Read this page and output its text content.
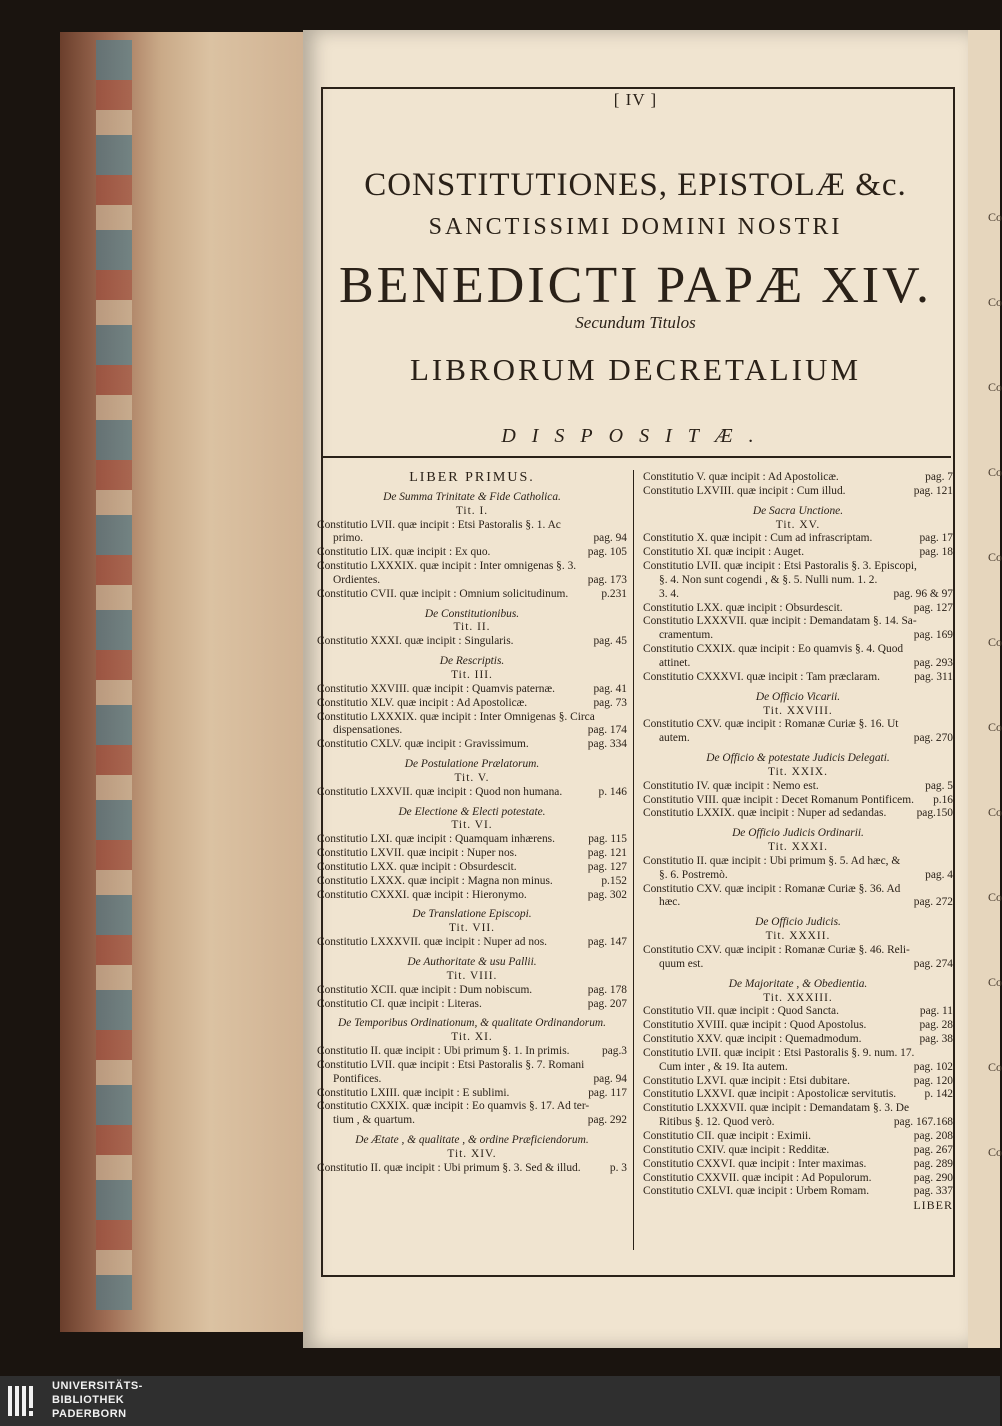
[ IV ]
CONSTITUTIONES, EPISTOLÆ &c.
SANCTISSIMI DOMINI NOSTRI
BENEDICTI PAPÆ XIV.
Secundum Titulos
LIBRORUM DECRETALIUM
DISPOSITÆ.
LIBER PRIMUS.
De Summa Trinitate & Fide Catholica.
Tit. I.
Constitutio LVII. quæ incipit : Etsi Pastoralis §. 1. Ac
primo.	pag. 94
Constitutio LIX. quæ incipit : Ex quo.	pag. 105
Constitutio LXXXIX. quæ incipit : Inter omnigenas §. 3.
Ordientes.	pag. 173
Constitutio CVII. quæ incipit : Omnium solicitudinum.	p.231
De Constitutionibus.
Tit. II.
Constitutio XXXI. quæ incipit : Singularis.	pag. 45
De Rescriptis.
Tit. III.
Constitutio XXVIII. quæ incipit : Quamvis paternæ.	pag. 41
Constitutio XLV. quæ incipit : Ad Apostolicæ.	pag. 73
Constitutio LXXXIX. quæ incipit : Inter Omnigenas §. Circa
dispensationes.	pag. 174
Constitutio CXLV. quæ incipit : Gravissimum.	pag. 334
De Postulatione Prælatorum.
Tit. V.
Constitutio LXXVII. quæ incipit : Quod non humana.	p. 146
De Electione & Electi potestate.
Tit. VI.
Constitutio LXI. quæ incipit : Quamquam inhærens.	pag. 115
Constitutio LXVII. quæ incipit : Nuper nos.	pag. 121
Constitutio LXX. quæ incipit : Obsurdescit.	pag. 127
Constitutio LXXX. quæ incipit : Magna non minus.	p.152
Constitutio CXXXI. quæ incipit : Hieronymo.	pag. 302
De Translatione Episcopi.
Tit. VII.
Constitutio LXXXVII. quæ incipit : Nuper ad nos.	pag. 147
De Authoritate & usu Pallii.
Tit. VIII.
Constitutio XCII. quæ incipit : Dum nobiscum.	pag. 178
Constitutio CI. quæ incipit : Literas.	pag. 207
De Temporibus Ordinationum, & qualitate Ordinandorum.
Tit. XI.
Constitutio II. quæ incipit : Ubi primum §. 1. In primis.	pag.3
Constitutio LVII. quæ incipit : Etsi Pastoralis §. 7. Romani
Pontifices.	pag. 94
Constitutio LXIII. quæ incipit : E sublimi.	pag. 117
Constitutio CXXIX. quæ incipit : Eo quamvis §. 17. Ad ter-
tium , & quartum.	pag. 292
De Ætate , & qualitate , & ordine Præficiendorum.
Tit. XIV.
Constitutio II. quæ incipit : Ubi primum §. 3. Sed & illud.	p. 3
Constitutio V. quæ incipit : Ad Apostolicæ.	pag. 7
Constitutio LXVIII. quæ incipit : Cum illud.	pag. 121
De Sacra Unctione.
Tit. XV.
Constitutio X. quæ incipit : Cum ad infrascriptam.	pag. 17
Constitutio XI. quæ incipit : Auget.	pag. 18
Constitutio LVII. quæ incipit : Etsi Pastoralis §. 3. Episcopi,
§. 4. Non sunt cogendi , & §. 5. Nulli num. 1. 2.
3. 4.	pag. 96 & 97
Constitutio LXX. quæ incipit : Obsurdescit.	pag. 127
Constitutio LXXXVII. quæ incipit : Demandatam §. 14. Sa-
cramentum.	pag. 169
Constitutio CXXIX. quæ incipit : Eo quamvis §. 4. Quod
attinet.	pag. 293
Constitutio CXXXVI. quæ incipit : Tam præclaram.	pag. 311
De Officio Vicarii.
Tit. XXVIII.
Constitutio CXV. quæ incipit : Romanæ Curiæ §. 16. Ut
autem.	pag. 270
De Officio & potestate Judicis Delegati.
Tit. XXIX.
Constitutio IV. quæ incipit : Nemo est.	pag. 5
Constitutio VIII. quæ incipit : Decet Romanum Pontificem. p.16
Constitutio LXXIX. quæ incipit : Nuper ad sedandas.	pag.150
De Officio Judicis Ordinarii.
Tit. XXXI.
Constitutio II. quæ incipit : Ubi primum §. 5. Ad hæc, &
§. 6. Postremò.	pag. 4
Constitutio CXV. quæ incipit : Romanæ Curiæ §. 36. Ad
hæc.	pag. 272
De Officio Judicis.
Tit. XXXII.
Constitutio CXV. quæ incipit : Romanæ Curiæ §. 46. Reli-
quum est.	pag. 274
De Majoritate , & Obedientia.
Tit. XXXIII.
Constitutio VII. quæ incipit : Quod Sancta.	pag. 11
Constitutio XVIII. quæ incipit : Quod Apostolus.	pag. 28
Constitutio XXV. quæ incipit : Quemadmodum.	pag. 38
Constitutio LVII. quæ incipit : Etsi Pastoralis §. 9. num. 17.
Cum inter , & 19. Ita autem.	pag. 102
Constitutio LXVI. quæ incipit : Etsi dubitare.	pag. 120
Constitutio LXXVI. quæ incipit : Apostolicæ servitutis. p. 142
Constitutio LXXXVII. quæ incipit : Demandatam §. 3. De
Ritibus §. 12. Quod verò.	pag. 167.168
Constitutio CII. quæ incipit : Eximii.	pag. 208
Constitutio CXIV. quæ incipit : Redditæ.	pag. 267
Constitutio CXXVI. quæ incipit : Inter maximas.	pag. 289
Constitutio CXXVII. quæ incipit : Ad Populorum.	pag. 290
Constitutio CXLVI. quæ incipit : Urbem Romam.	pag. 337
LIBER
Co
Co
Co
Co
Co
Co
Co
Co
Co
Co
Co
Co
UNIVERSITÄTS-
BIBLIOTHEK
PADERBORN
